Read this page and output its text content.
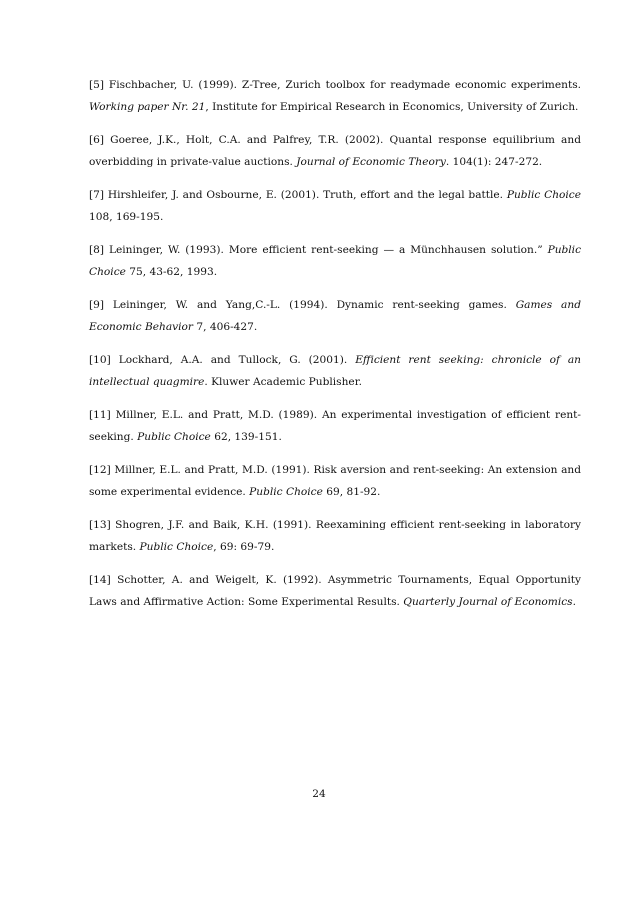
[5] Fischbacher, U. (1999). Z-Tree, Zurich toolbox for readymade economic experiments. Working paper Nr. 21, Institute for Empirical Research in Economics, University of Zurich.
[6] Goeree, J.K., Holt, C.A. and Palfrey, T.R. (2002). Quantal response equilibrium and overbidding in private-value auctions. Journal of Economic Theory. 104(1): 247-272.
[7] Hirshleifer, J. and Osbourne, E. (2001). Truth, effort and the legal battle. Public Choice 108, 169-195.
[8] Leininger, W. (1993). More efficient rent-seeking — a Münchhausen solution.” Public Choice 75, 43-62, 1993.
[9] Leininger, W. and Yang,C.-L. (1994). Dynamic rent-seeking games. Games and Economic Behavior 7, 406-427.
[10] Lockhard, A.A. and Tullock, G. (2001). Efficient rent seeking: chronicle of an intellectual quagmire. Kluwer Academic Publisher.
[11] Millner, E.L. and Pratt, M.D. (1989). An experimental investigation of efficient rent-seeking. Public Choice 62, 139-151.
[12] Millner, E.L. and Pratt, M.D. (1991). Risk aversion and rent-seeking: An extension and some experimental evidence. Public Choice 69, 81-92.
[13] Shogren, J.F. and Baik, K.H. (1991). Reexamining efficient rent-seeking in laboratory markets. Public Choice, 69: 69-79.
[14] Schotter, A. and Weigelt, K. (1992). Asymmetric Tournaments, Equal Opportunity Laws and Affirmative Action: Some Experimental Results. Quarterly Journal of Economics.
24
